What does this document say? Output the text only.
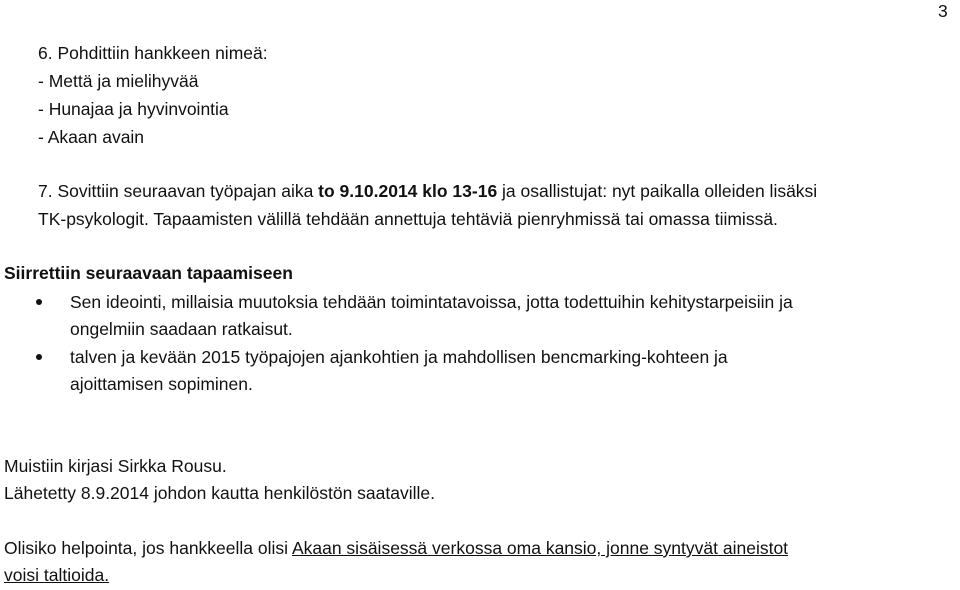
3
6. Pohdittiin hankkeen nimeä:
- Mettä ja mielihyvää
- Hunajaa ja hyvinvointia
- Akaan avain
7. Sovittiin seuraavan työpajan aika to 9.10.2014 klo 13-16 ja osallistujat: nyt paikalla olleiden lisäksi
TK-psykologit. Tapaamisten välillä tehdään annettuja tehtäviä pienryhmissä tai omassa tiimissä.
Siirrettiin seuraavaan tapaamiseen
Sen ideointi, millaisia muutoksia tehdään toimintatavoissa, jotta todettuihin kehitystarpeisiin ja
ongelmiin saadaan ratkaisut.
talven ja kevään 2015 työpajojen ajankohtien ja mahdollisen bencmarking-kohteen ja
ajoittamisen sopiminen.
Muistiin kirjasi Sirkka Rousu.
Lähetetty 8.9.2014 johdon kautta henkilöstön saataville.
Olisiko helpointa, jos hankkeella olisi Akaan sisäisessä verkossa oma kansio, jonne syntyvät aineistot
voisi taltioida.
